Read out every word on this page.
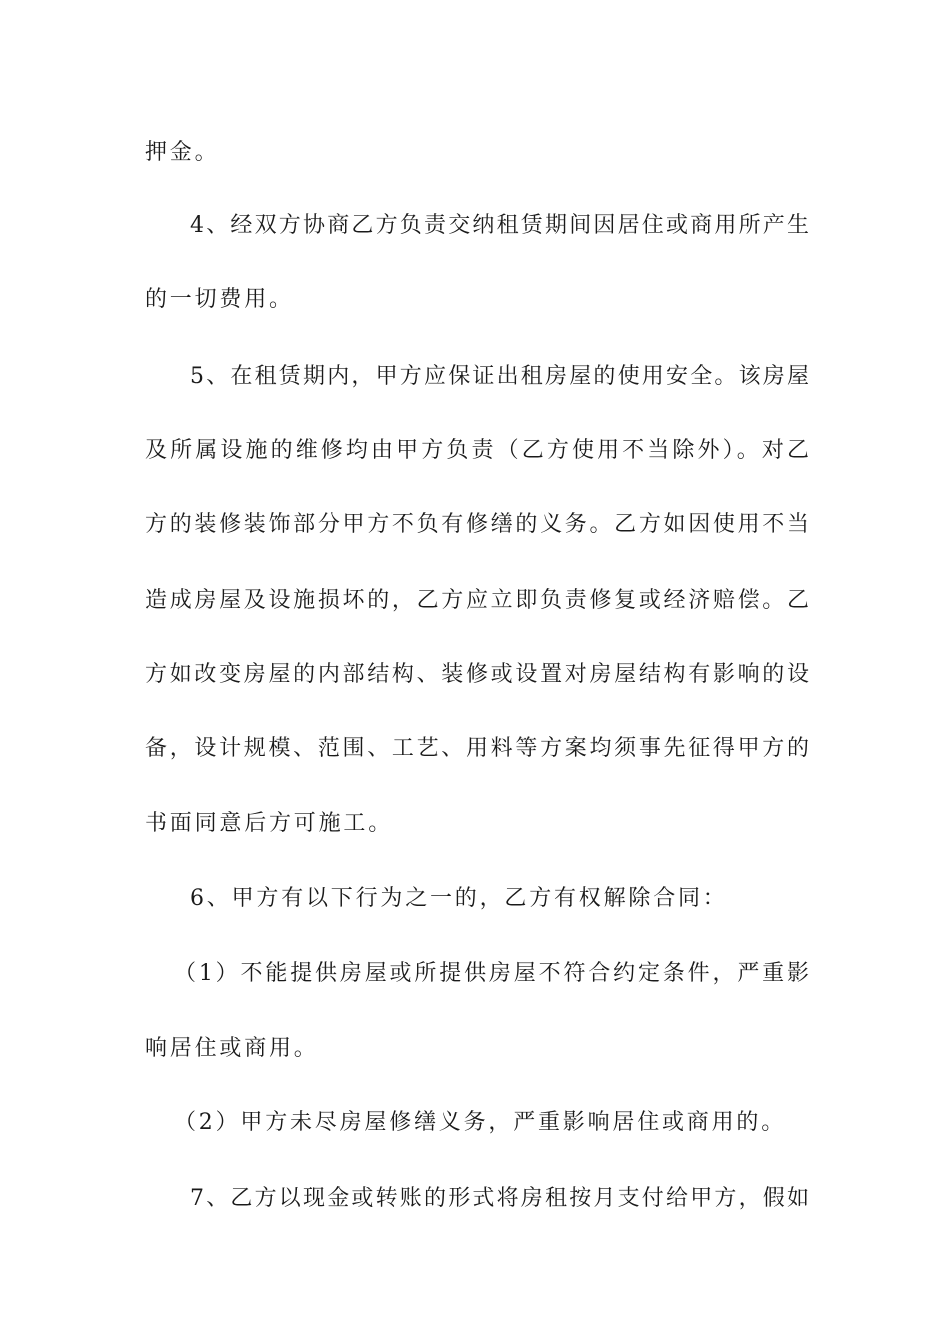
押金。
4、经双方协商乙方负责交纳租赁期间因居住或商用所产生
的一切费用。
5、在租赁期内，甲方应保证出租房屋的使用安全。该房屋
及所属设施的维修均由甲方负责（乙方使用不当除外）。对乙
方的装修装饰部分甲方不负有修缮的义务。乙方如因使用不当
造成房屋及设施损坏的，乙方应立即负责修复或经济赔偿。乙
方如改变房屋的内部结构、装修或设置对房屋结构有影响的设
备，设计规模、范围、工艺、用料等方案均须事先征得甲方的
书面同意后方可施工。
6、甲方有以下行为之一的，乙方有权解除合同：
（1）不能提供房屋或所提供房屋不符合约定条件，严重影
响居住或商用。
（2）甲方未尽房屋修缮义务，严重影响居住或商用的。
7、乙方以现金或转账的形式将房租按月支付给甲方，假如
